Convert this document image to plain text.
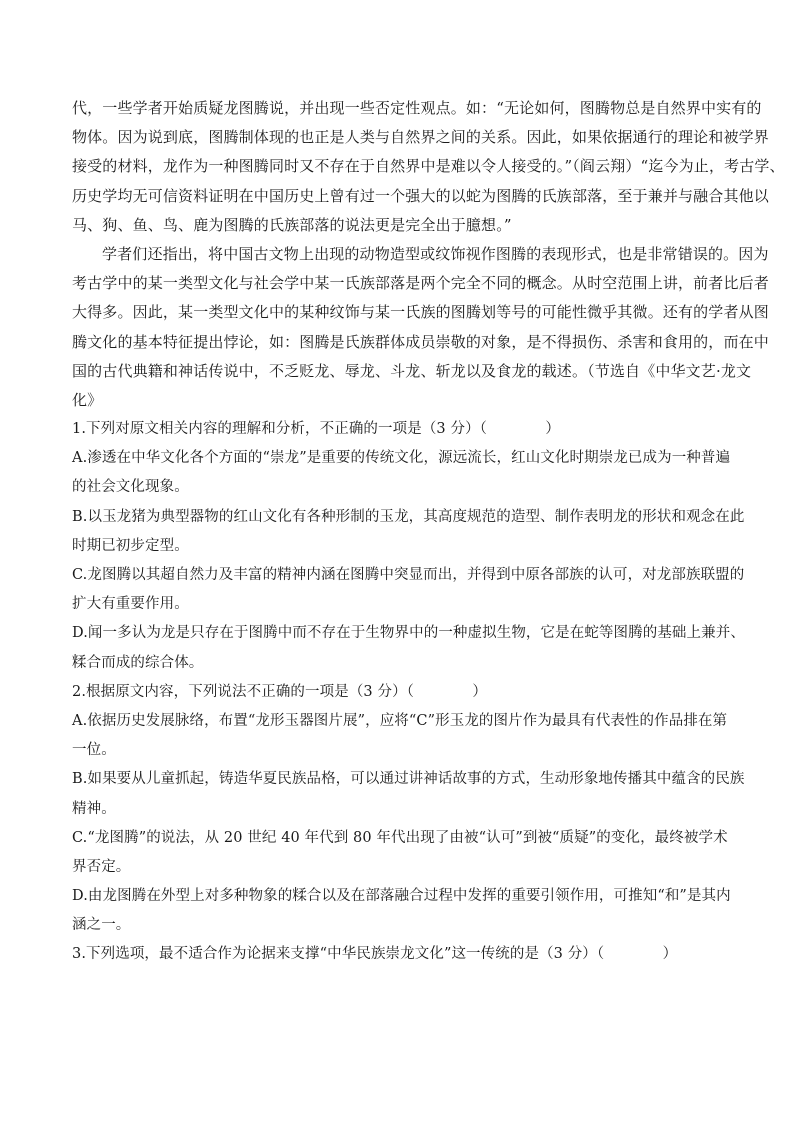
代，一些学者开始质疑龙图腾说，并出现一些否定性观点。如：“无论如何，图腾物总是自然界中实有的
物体。因为说到底，图腾制体现的也正是人类与自然界之间的关系。因此，如果依据通行的理论和被学界
接受的材料，龙作为一种图腾同时又不存在于自然界中是难以令人接受的。”（阎云翔）“迄今为止，考古学、
历史学均无可信资料证明在中国历史上曾有过一个强大的以蛇为图腾的氏族部落，至于兼并与融合其他以
马、狗、鱼、鸟、鹿为图腾的氏族部落的说法更是完全出于臆想。”
学者们还指出，将中国古文物上出现的动物造型或纹饰视作图腾的表现形式，也是非常错误的。因为
考古学中的某一类型文化与社会学中某一氏族部落是两个完全不同的概念。从时空范围上讲，前者比后者
大得多。因此，某一类型文化中的某种纹饰与某一氏族的图腾划等号的可能性微乎其微。还有的学者从图
腾文化的基本特征提出悖论，如：图腾是氏族群体成员崇敬的对象，是不得损伤、杀害和食用的，而在中
国的古代典籍和神话传说中，不乏贬龙、辱龙、斗龙、斩龙以及食龙的载述。（节选自《中华文艺·龙文
化》
1.下列对原文相关内容的理解和分析，不正确的一项是（3 分）（　　　　）
A.渗透在中华文化各个方面的“崇龙”是重要的传统文化，源远流长，红山文化时期崇龙已成为一种普遍
的社会文化现象。
B.以玉龙猪为典型器物的红山文化有各种形制的玉龙，其高度规范的造型、制作表明龙的形状和观念在此
时期已初步定型。
C.龙图腾以其超自然力及丰富的精神内涵在图腾中突显而出，并得到中原各部族的认可，对龙部族联盟的
扩大有重要作用。
D.闻一多认为龙是只存在于图腾中而不存在于生物界中的一种虚拟生物，它是在蛇等图腾的基础上兼并、
糅合而成的综合体。
2.根据原文内容，下列说法不正确的一项是（3 分）（　　　　）
A.依据历史发展脉络，布置“龙形玉器图片展”，应将“C”形玉龙的图片作为最具有代表性的作品排在第
一位。
B.如果要从儿童抓起，铸造华夏民族品格，可以通过讲神话故事的方式，生动形象地传播其中蕴含的民族
精神。
C.“龙图腾”的说法，从 20 世纪 40 年代到 80 年代出现了由被“认可”到被“质疑”的变化，最终被学术
界否定。
D.由龙图腾在外型上对多种物象的糅合以及在部落融合过程中发挥的重要引领作用，可推知“和”是其内
涵之一。
3.下列选项，最不适合作为论据来支撑“中华民族崇龙文化”这一传统的是（3 分）（　　　　）
